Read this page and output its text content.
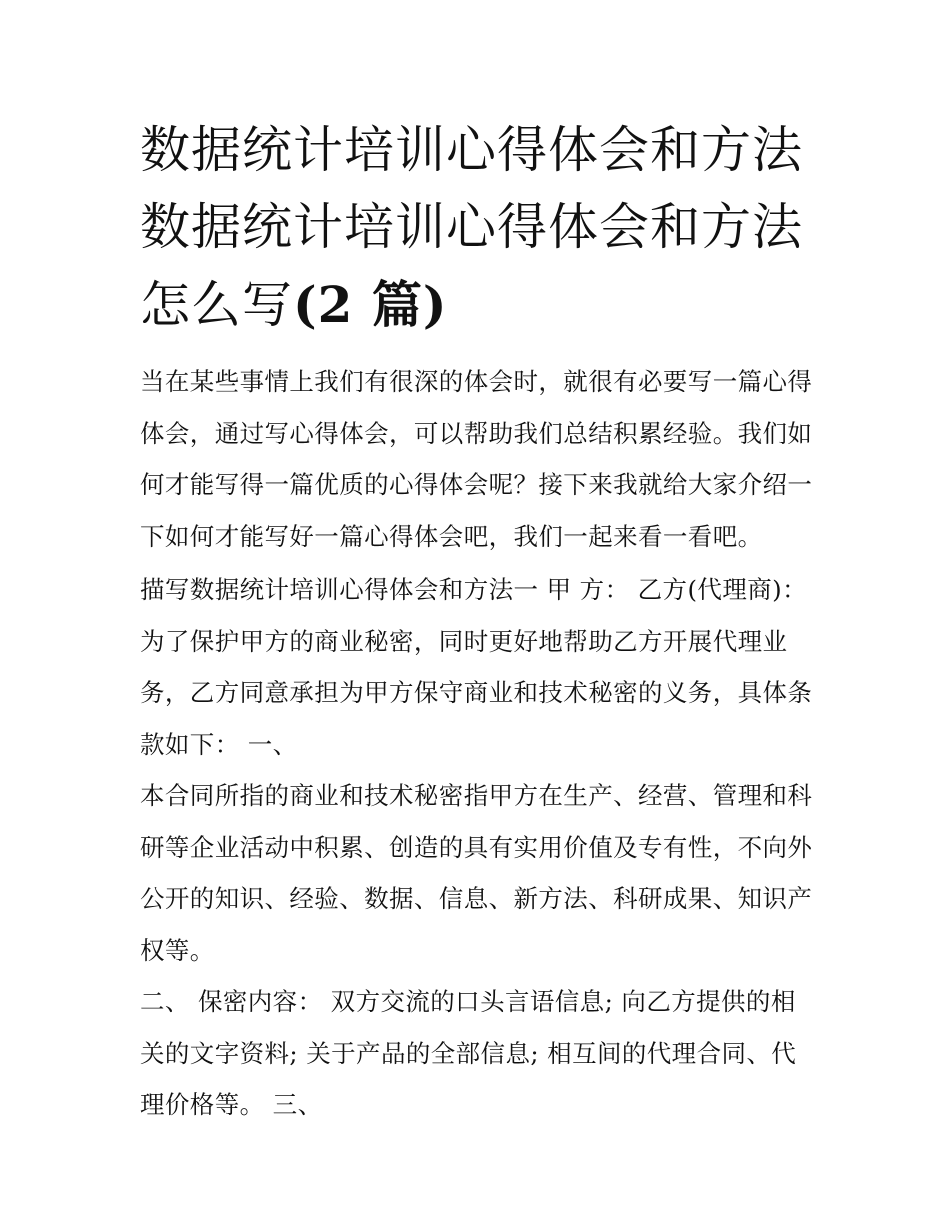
数据统计培训心得体会和方法数据统计培训心得体会和方法怎么写(2 篇)

当在某些事情上我们有很深的体会时，就很有必要写一篇心得体会，通过写心得体会，可以帮助我们总结积累经验。我们如何才能写得一篇优质的心得体会呢？接下来我就给大家介绍一下如何才能写好一篇心得体会吧，我们一起来看一看吧。

描写数据统计培训心得体会和方法一 甲 方： 乙方(代理商)：为了保护甲方的商业秘密，同时更好地帮助乙方开展代理业务，乙方同意承担为甲方保守商业和技术秘密的义务，具体条款如下： 一、

本合同所指的商业和技术秘密指甲方在生产、经营、管理和科研等企业活动中积累、创造的具有实用价值及专有性，不向外公开的知识、经验、数据、信息、新方法、科研成果、知识产权等。

二、 保密内容： 双方交流的口头言语信息; 向乙方提供的相关的文字资料; 关于产品的全部信息; 相互间的代理合同、代理价格等。 三、
